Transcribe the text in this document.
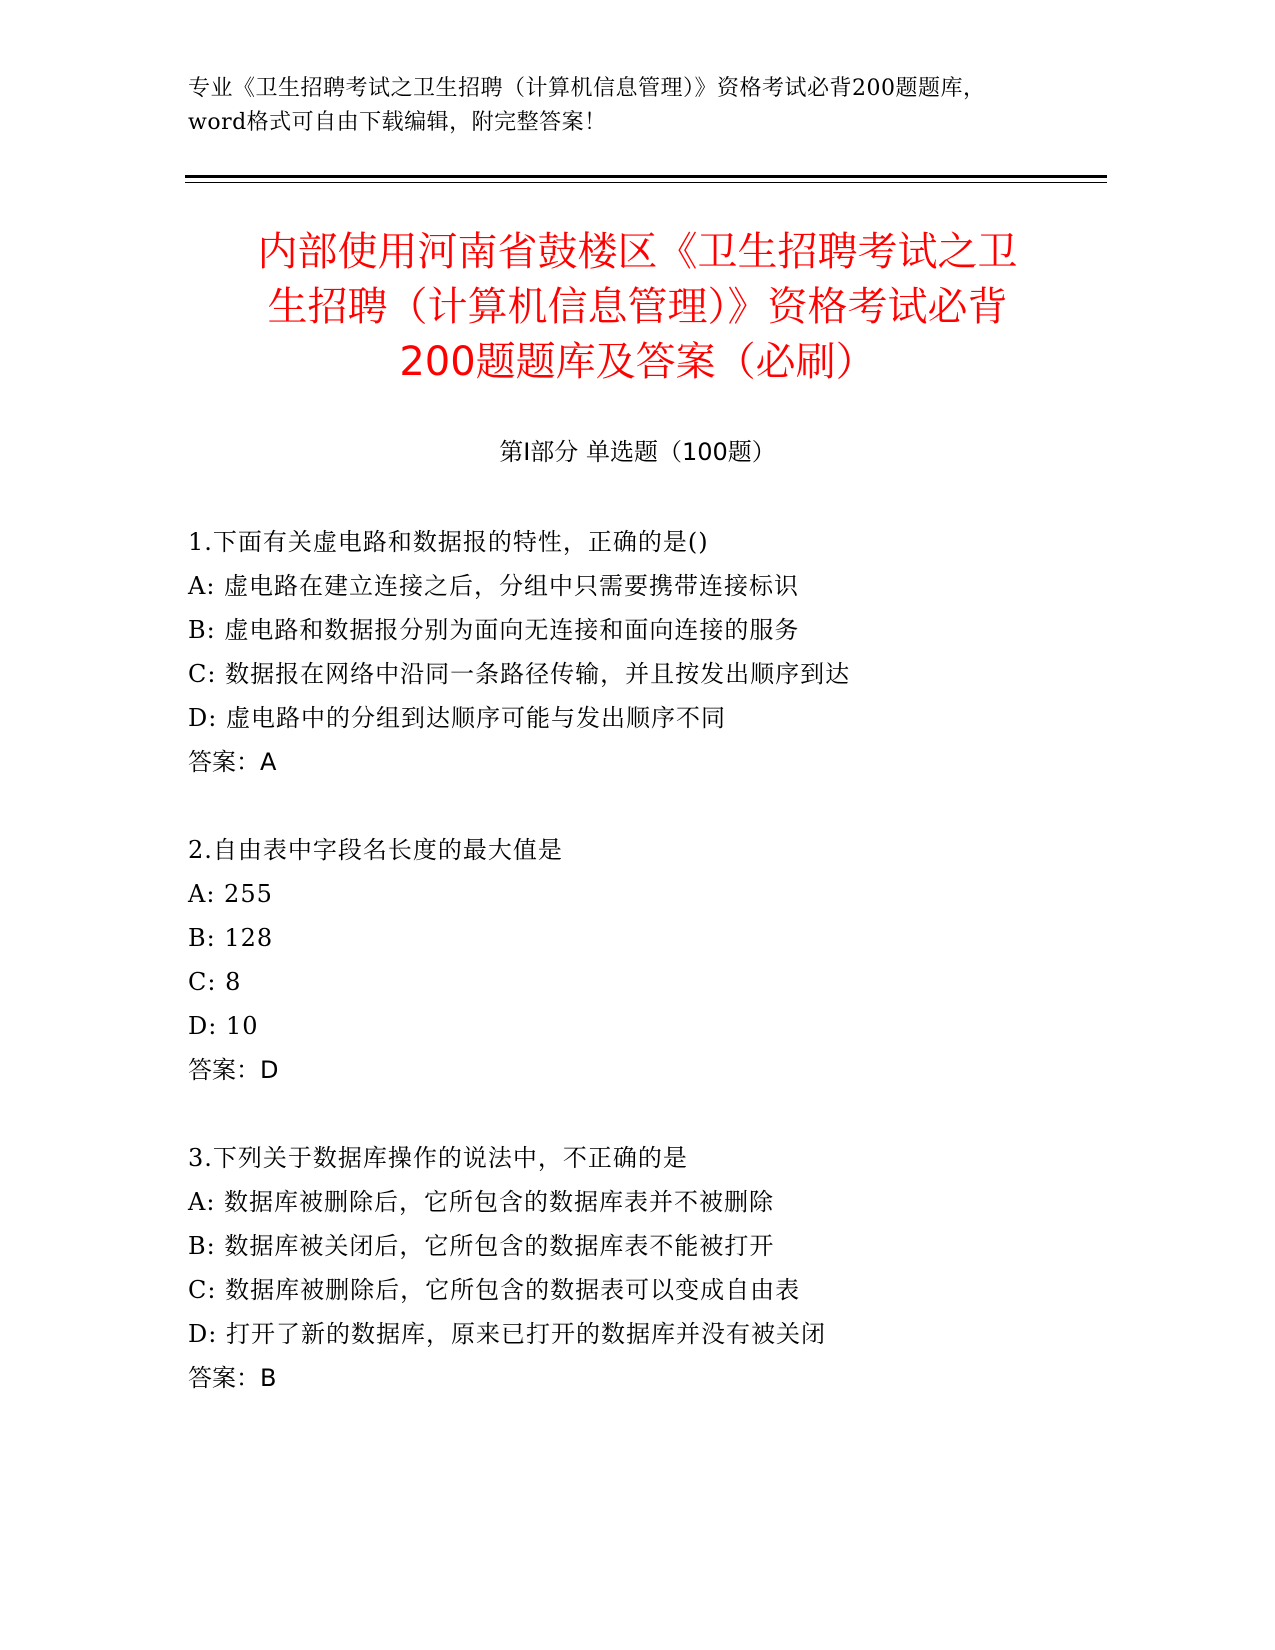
专业《卫生招聘考试之卫生招聘（计算机信息管理）》资格考试必背200题题库，
word格式可自由下载编辑，附完整答案！
内部使用河南省鼓楼区《卫生招聘考试之卫
生招聘（计算机信息管理）》资格考试必背
200题题库及答案（必刷）
第Ⅰ部分 单选题（100题）
1.下面有关虚电路和数据报的特性，正确的是()
A: 虚电路在建立连接之后，分组中只需要携带连接标识
B: 虚电路和数据报分别为面向无连接和面向连接的服务
C: 数据报在网络中沿同一条路径传输，并且按发出顺序到达
D: 虚电路中的分组到达顺序可能与发出顺序不同
答案：A
2.自由表中字段名长度的最大值是
A: 255
B: 128
C: 8
D: 10
答案：D
3.下列关于数据库操作的说法中，不正确的是
A: 数据库被删除后，它所包含的数据库表并不被删除
B: 数据库被关闭后，它所包含的数据库表不能被打开
C: 数据库被删除后，它所包含的数据表可以变成自由表
D: 打开了新的数据库，原来已打开的数据库并没有被关闭
答案：B
